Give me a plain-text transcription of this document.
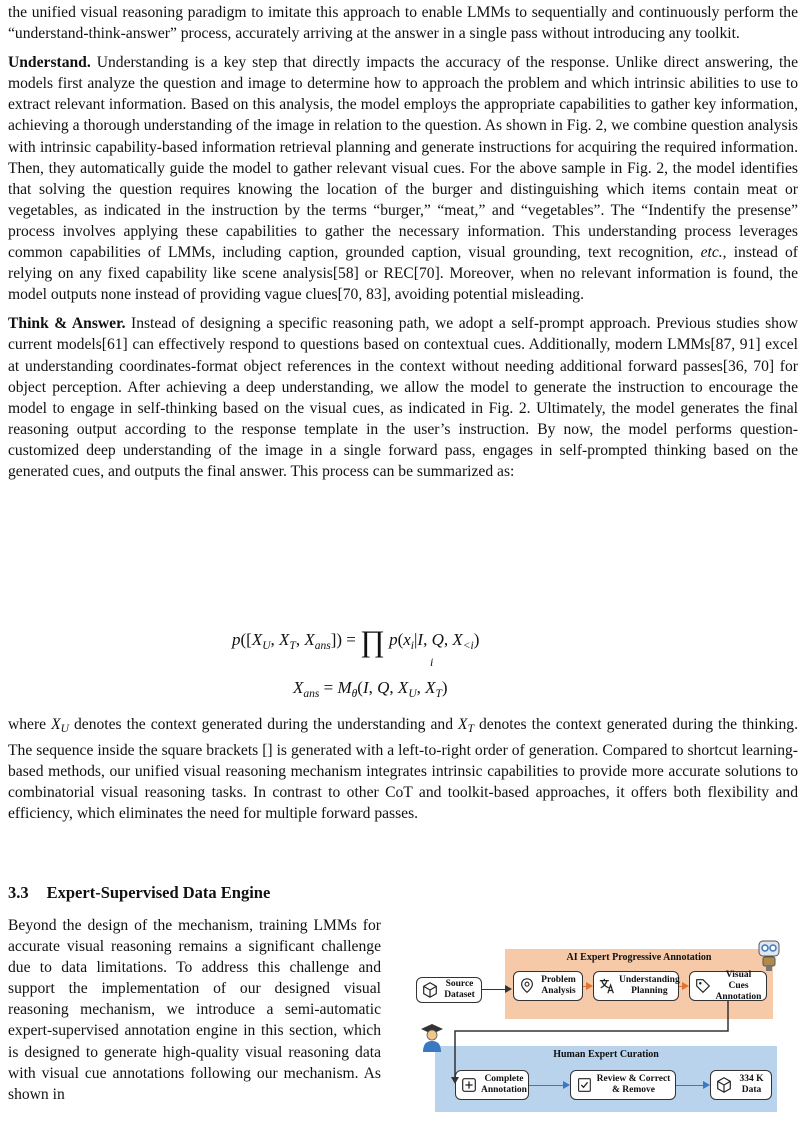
the unified visual reasoning paradigm to imitate this approach to enable LMMs to sequentially and continuously perform the “understand-think-answer” process, accurately arriving at the answer in a single pass without introducing any toolkit.

Understand. Understanding is a key step that directly impacts the accuracy of the response. Unlike direct answering, the models first analyze the question and image to determine how to approach the problem and which intrinsic abilities to use to extract relevant information. Based on this analysis, the model employs the appropriate capabilities to gather key information, achieving a thorough understanding of the image in relation to the question. As shown in Fig. 2, we combine question analysis with intrinsic capability-based information retrieval planning and generate instructions for acquiring the required information. Then, they automatically guide the model to gather relevant visual cues. For the above sample in Fig. 2, the model identifies that solving the question requires knowing the location of the burger and distinguishing which items contain meat or vegetables, as indicated in the instruction by the terms “burger,” “meat,” and “vegetables”. The “Indentify the presense” process involves applying these capabilities to gather the necessary information. This understanding process leverages common capabilities of LMMs, including caption, grounded caption, visual grounding, text recognition, etc., instead of relying on any fixed capability like scene analysis[58] or REC[70]. Moreover, when no relevant information is found, the model outputs none instead of providing vague clues[70, 83], avoiding potential misleading.

Think & Answer. Instead of designing a specific reasoning path, we adopt a self-prompt approach. Previous studies show current models[61] can effectively respond to questions based on contextual cues. Additionally, modern LMMs[87, 91] excel at understanding coordinates-format object references in the context without needing additional forward passes[36, 70] for object perception. After achieving a deep understanding, we allow the model to generate the instruction to encourage the model to engage in self-thinking based on the visual cues, as indicated in Fig. 2. Ultimately, the model generates the final reasoning output according to the response template in the user’s instruction. By now, the model performs question-customized deep understanding of the image in a single forward pass, engages in self-prompted thinking based on the generated cues, and outputs the final answer. This process can be summarized as:

$p([X_U$, $X_T$, $X_{ans}$]) = ∏ $p(x_i|I$, Q, $X_{<i}$)
i
$X_{ans} = M_\theta(I$, Q, $X_U$, $X_T$)

where $X_U$ denotes the context generated during the understanding and $X_T$ denotes the context generated during the thinking. The sequence inside the square brackets [] is generated with a left-to-right order of generation. Compared to shortcut learning-based methods, our unified visual reasoning mechanism integrates intrinsic capabilities to provide more accurate solutions to combinatorial visual reasoning tasks. In contrast to other CoT and toolkit-based approaches, it offers both flexibility and efficiency, which eliminates the need for multiple forward passes.

3.3 Expert-Supervised Data Engine

Beyond the design of the mechanism, training LMMs for accurate visual reasoning remains a significant challenge due to data limitations. To address this challenge and support the implementation of our designed visual reasoning mechanism, we introduce a semi-automatic expert-supervised annotation engine in this section, which is designed to generate high-quality visual reasoning data with visual cue annotations following our mechanism. As shown in

AI Expert Progressive Annotation
Human Expert Curation
Source Dataset
Problem Analysis
Understanding Planning
Visual Cues Annotation
Complete Annotation
Review & Correct & Remove
334 K Data
